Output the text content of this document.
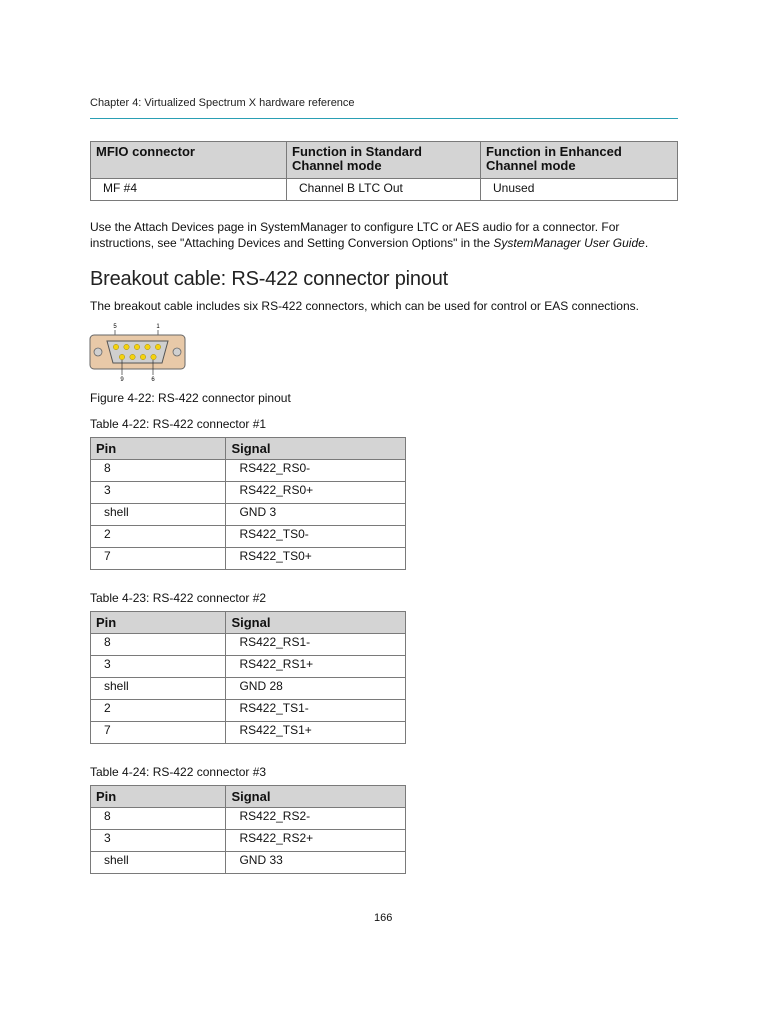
Chapter 4: Virtualized Spectrum X hardware reference
MFIO connector	Function in Standard Channel mode	Function in Enhanced Channel mode
MF #4	Channel B LTC Out	Unused
Use the Attach Devices page in SystemManager to configure LTC or AES audio for a connector. For instructions, see "Attaching Devices and Setting Conversion Options" in the SystemManager User Guide.
Breakout cable: RS-422 connector pinout
The breakout cable includes six RS-422 connectors, which can be used for control or EAS connections.
5	1
9	6
Figure 4-22: RS-422 connector pinout
Table 4-22: RS-422 connector #1
Pin	Signal
8	RS422_RS0-
3	RS422_RS0+
shell	GND 3
2	RS422_TS0-
7	RS422_TS0+
Table 4-23: RS-422 connector #2
Pin	Signal
8	RS422_RS1-
3	RS422_RS1+
shell	GND 28
2	RS422_TS1-
7	RS422_TS1+
Table 4-24: RS-422 connector #3
Pin	Signal
8	RS422_RS2-
3	RS422_RS2+
shell	GND 33
166
